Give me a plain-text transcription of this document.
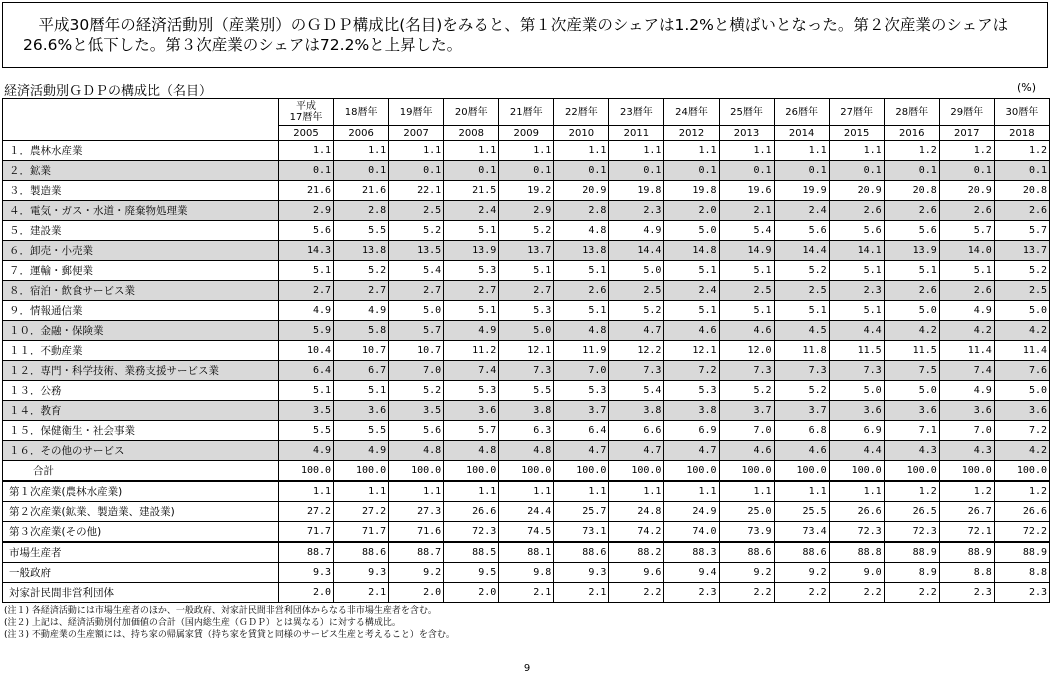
　平成30暦年の経済活動別（産業別）のＧＤＰ構成比(名目)をみると、第１次産業のシェアは1.2%と横ばいとなった。第２次産業のシェアは26.6%と低下した。第３次産業のシェアは72.2%と上昇した。
経済活動別ＧＤＰの構成比（名目）	(%)
	平成
17暦年	18暦年	19暦年	20暦年	21暦年	22暦年	23暦年	24暦年	25暦年	26暦年	27暦年	28暦年	29暦年	30暦年
	2005	2006	2007	2008	2009	2010	2011	2012	2013	2014	2015	2016	2017	2018
１．農林水産業	1.1	1.1	1.1	1.1	1.1	1.1	1.1	1.1	1.1	1.1	1.1	1.2	1.2	1.2
２．鉱業	0.1	0.1	0.1	0.1	0.1	0.1	0.1	0.1	0.1	0.1	0.1	0.1	0.1	0.1
３．製造業	21.6	21.6	22.1	21.5	19.2	20.9	19.8	19.8	19.6	19.9	20.9	20.8	20.9	20.8
４．電気・ガス・水道・廃棄物処理業	2.9	2.8	2.5	2.4	2.9	2.8	2.3	2.0	2.1	2.4	2.6	2.6	2.6	2.6
５．建設業	5.6	5.5	5.2	5.1	5.2	4.8	4.9	5.0	5.4	5.6	5.6	5.6	5.7	5.7
６．卸売・小売業	14.3	13.8	13.5	13.9	13.7	13.8	14.4	14.8	14.9	14.4	14.1	13.9	14.0	13.7
７．運輸・郵便業	5.1	5.2	5.4	5.3	5.1	5.1	5.0	5.1	5.1	5.2	5.1	5.1	5.1	5.2
８．宿泊・飲食サービス業	2.7	2.7	2.7	2.7	2.7	2.6	2.5	2.4	2.5	2.5	2.3	2.6	2.6	2.5
９．情報通信業	4.9	4.9	5.0	5.1	5.3	5.1	5.2	5.1	5.1	5.1	5.1	5.0	4.9	5.0
１０．金融・保険業	5.9	5.8	5.7	4.9	5.0	4.8	4.7	4.6	4.6	4.5	4.4	4.2	4.2	4.2
１１．不動産業	10.4	10.7	10.7	11.2	12.1	11.9	12.2	12.1	12.0	11.8	11.5	11.5	11.4	11.4
１２．専門・科学技術、業務支援サービス業	6.4	6.7	7.0	7.4	7.3	7.0	7.3	7.2	7.3	7.3	7.3	7.5	7.4	7.6
１３．公務	5.1	5.1	5.2	5.3	5.5	5.3	5.4	5.3	5.2	5.2	5.0	5.0	4.9	5.0
１４．教育	3.5	3.6	3.5	3.6	3.8	3.7	3.8	3.8	3.7	3.7	3.6	3.6	3.6	3.6
１５．保健衛生・社会事業	5.5	5.5	5.6	5.7	6.3	6.4	6.6	6.9	7.0	6.8	6.9	7.1	7.0	7.2
１６．その他のサービス	4.9	4.9	4.8	4.8	4.8	4.7	4.7	4.7	4.6	4.6	4.4	4.3	4.3	4.2
合計	100.0	100.0	100.0	100.0	100.0	100.0	100.0	100.0	100.0	100.0	100.0	100.0	100.0	100.0
第１次産業(農林水産業)	1.1	1.1	1.1	1.1	1.1	1.1	1.1	1.1	1.1	1.1	1.1	1.2	1.2	1.2
第２次産業(鉱業、製造業、建設業)	27.2	27.2	27.3	26.6	24.4	25.7	24.8	24.9	25.0	25.5	26.6	26.5	26.7	26.6
第３次産業(その他)	71.7	71.7	71.6	72.3	74.5	73.1	74.2	74.0	73.9	73.4	72.3	72.3	72.1	72.2
市場生産者	88.7	88.6	88.7	88.5	88.1	88.6	88.2	88.3	88.6	88.6	88.8	88.9	88.9	88.9
一般政府	9.3	9.3	9.2	9.5	9.8	9.3	9.6	9.4	9.2	9.2	9.0	8.9	8.8	8.8
対家計民間非営利団体	2.0	2.1	2.0	2.0	2.1	2.1	2.2	2.3	2.2	2.2	2.2	2.2	2.3	2.3
(注１) 各経済活動には市場生産者のほか、一般政府、対家計民間非営利団体からなる非市場生産者を含む。
(注２) 上記は、経済活動別付加価値の合計（国内総生産（ＧＤＰ）とは異なる）に対する構成比。
(注３) 不動産業の生産額には、持ち家の帰属家賃（持ち家を賃貸と同様のサービス生産と考えること）を含む。
9
